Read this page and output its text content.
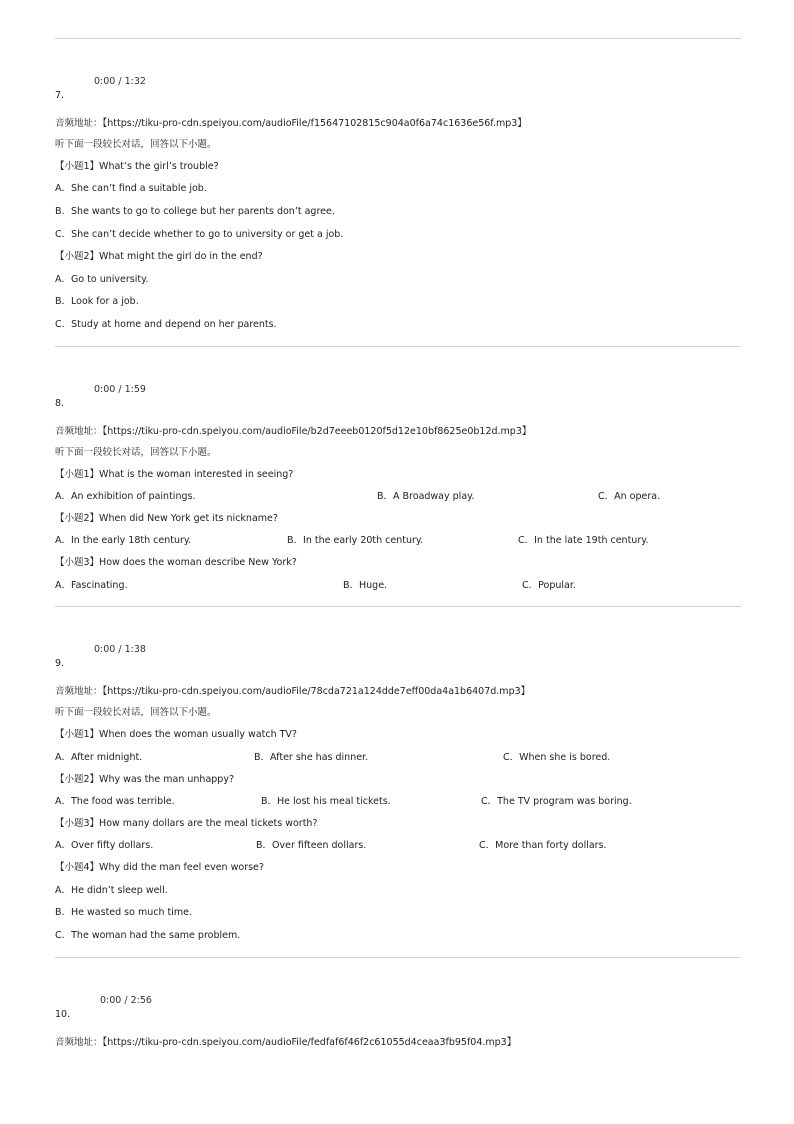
0:00 / 1:32
7.
音频地址：【https://tiku-pro-cdn.speiyou.com/audioFile/f15647102815c904a0f6a74c1636e56f.mp3】
听下面一段较长对话，回答以下小题。
【小题1】What’s the girl’s trouble?
A．She can’t find a suitable job.
B．She wants to go to college but her parents don’t agree.
C．She can’t decide whether to go to university or get a job.
【小题2】What might the girl do in the end?
A．Go to university.
B．Look for a job.
C．Study at home and depend on her parents.
0:00 / 1:59
8.
音频地址：【https://tiku-pro-cdn.speiyou.com/audioFile/b2d7eeeb0120f5d12e10bf8625e0b12d.mp3】
听下面一段较长对话，回答以下小题。
【小题1】What is the woman interested in seeing?
A．An exhibition of paintings.	B．A Broadway play.	C．An opera.
【小题2】When did New York get its nickname?
A．In the early 18th century.	B．In the early 20th century.	C．In the late 19th century.
【小题3】How does the woman describe New York?
A．Fascinating.	B．Huge.	C．Popular.
0:00 / 1:38
9.
音频地址：【https://tiku-pro-cdn.speiyou.com/audioFile/78cda721a124dde7eff00da4a1b6407d.mp3】
听下面一段较长对话，回答以下小题。
【小题1】When does the woman usually watch TV?
A．After midnight.	B．After she has dinner.	C．When she is bored.
【小题2】Why was the man unhappy?
A．The food was terrible.	B．He lost his meal tickets.	C．The TV program was boring.
【小题3】How many dollars are the meal tickets worth?
A．Over fifty dollars.	B．Over fifteen dollars.	C．More than forty dollars.
【小题4】Why did the man feel even worse?
A．He didn’t sleep well.
B．He wasted so much time.
C．The woman had the same problem.
0:00 / 2:56
10.
音频地址：【https://tiku-pro-cdn.speiyou.com/audioFile/fedfaf6f46f2c61055d4ceaa3fb95f04.mp3】
